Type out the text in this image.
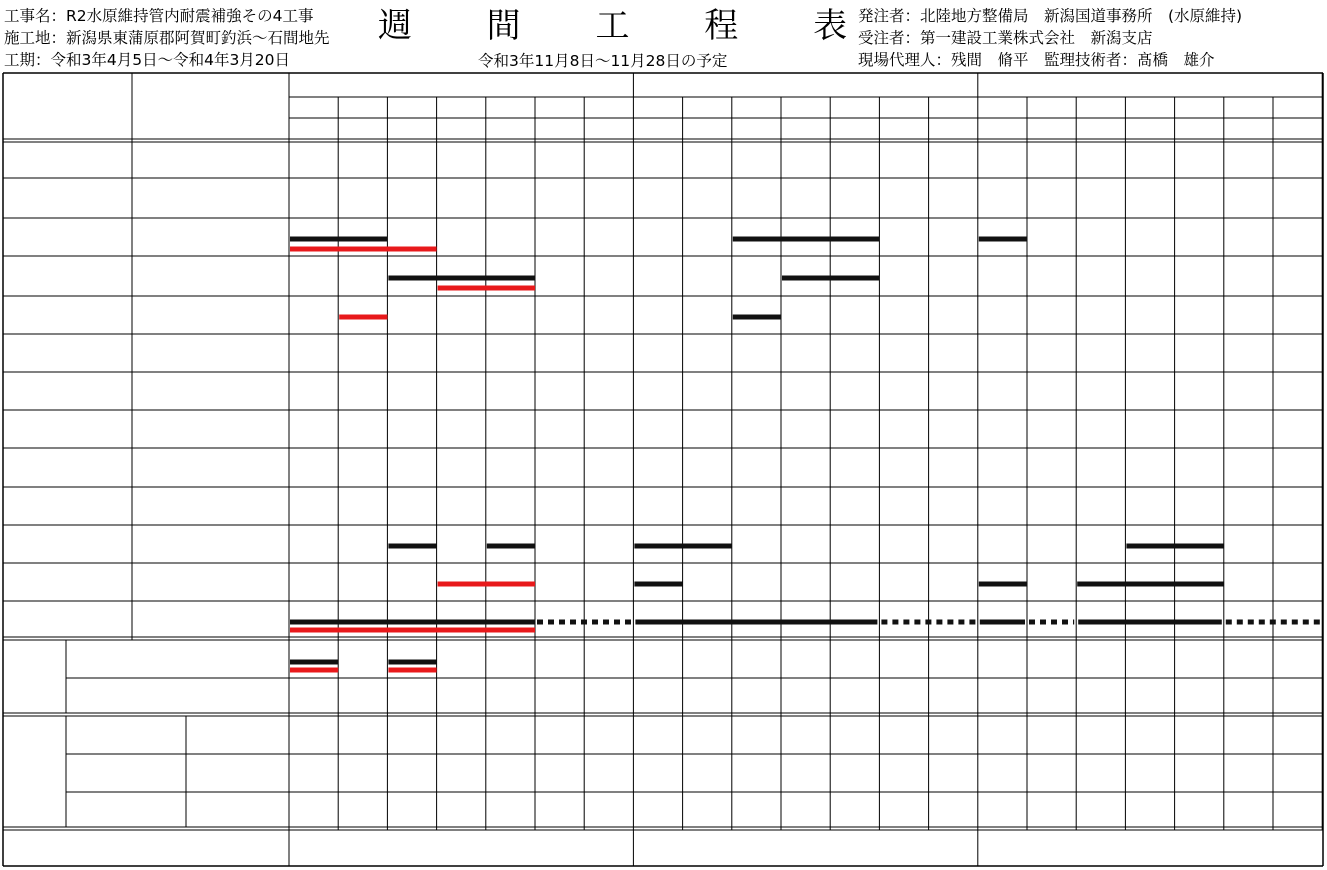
工事名：R2水原維持管内耐震補強その4工事
施工地：新潟県東蒲原郡阿賀町釣浜～石間地先
工期：令和3年4月5日～令和4年3月20日
週 間 工 程 表
令和3年11月8日～11月28日の予定
発注者：北陸地方整備局　新潟国道事務所　(水原維持)
受注者：第一建設工業株式会社　新潟支店
現場代理人：残間　脩平　監理技術者：髙橋　雄介
